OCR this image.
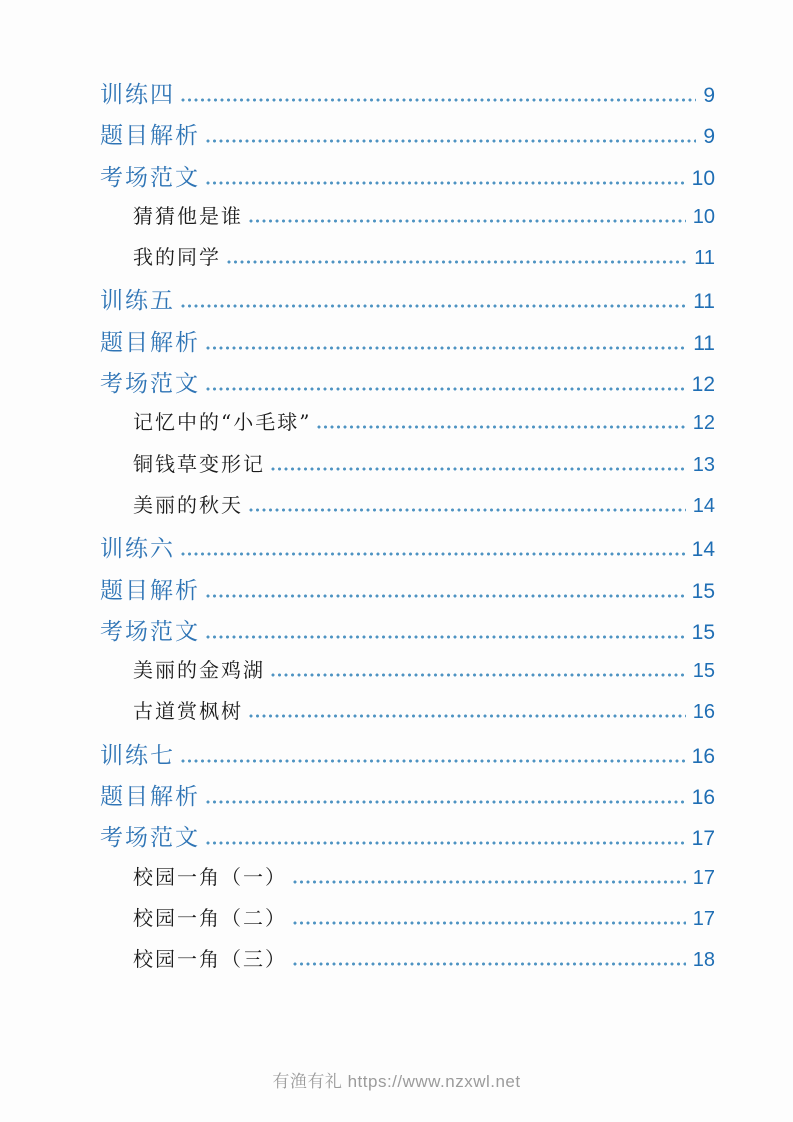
训练四	9
题目解析	9
考场范文	10
猜猜他是谁	10
我的同学	11
训练五	11
题目解析	11
考场范文	12
记忆中的“小毛球”	12
铜钱草变形记	13
美丽的秋天	14
训练六	14
题目解析	15
考场范文	15
美丽的金鸡湖	15
古道赏枫树	16
训练七	16
题目解析	16
考场范文	17
校园一角（一）	17
校园一角（二）	17
校园一角（三）	18
有渔有礼 https://www.nzxwl.net
